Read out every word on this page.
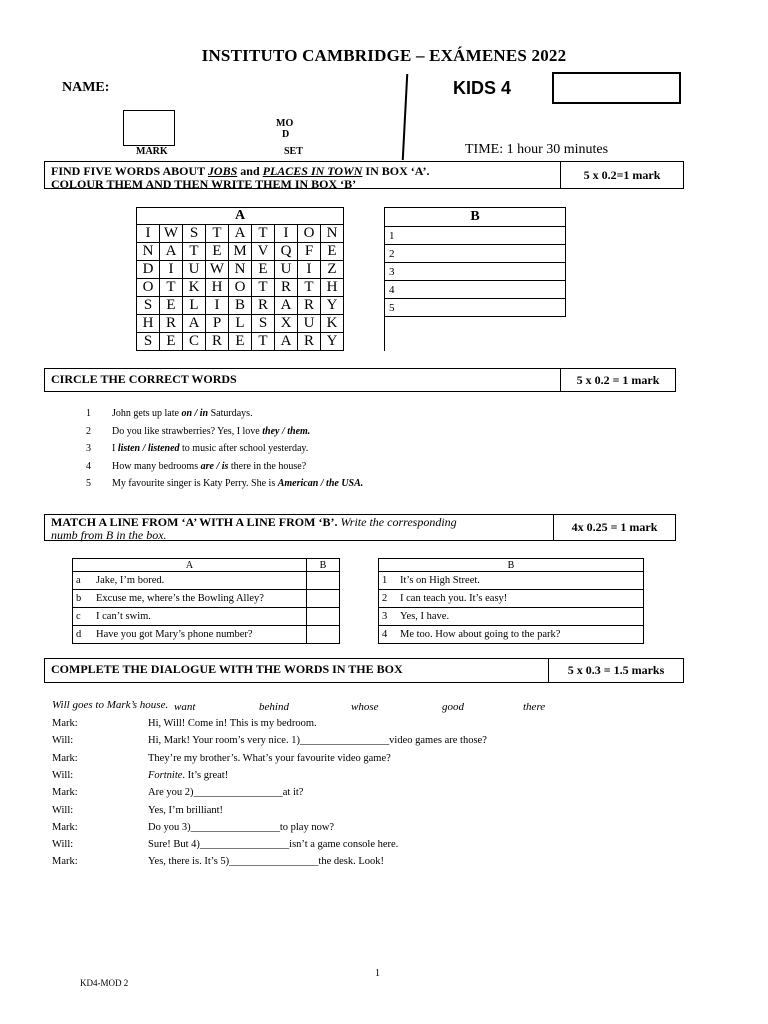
INSTITUTO CAMBRIDGE – EXÁMENES 2022
NAME:	KIDS 4
MARK
MO
D
SET	TIME: 1 hour 30 minutes
FIND FIVE WORDS ABOUT JOBS and PLACES IN TOWN IN BOX ‘A’.
COLOUR THEM AND THEN WRITE THEM IN BOX ‘B’
5 x 0.2=1 mark
A								
I	W	S	T	A	T	I	O	N
N	A	T	E	M	V	Q	F	E
D	I	U	W	N	E	U	I	Z
O	T	K	H	O	T	R	T	H
S	E	L	I	B	R	A	R	Y
H	R	A	P	L	S	X	U	K
S	E	C	R	E	T	A	R	Y
B
1
2
3
4
5

CIRCLE THE CORRECT WORDS	5 x 0.2 = 1 mark
1 John gets up late on / in Saturdays.
2 Do you like strawberries? Yes, I love they / them.
3 I listen / listened to music after school yesterday.
4 How many bedrooms are / is there in the house?
5 My favourite singer is Katy Perry. She is American / the USA.
MATCH A LINE FROM ‘A’ WITH A LINE FROM ‘B’. Write the corresponding
numb from B in the box.
4x 0.25 = 1 mark
A		B
a	Jake, I’m bored.	
b	Excuse me, where’s the Bowling Alley?	
c	I can’t swim.	
d	Have you got Mary’s phone number?	
B	
1	It’s on High Street.
2	I can teach you. It’s easy!
3	Yes, I have.
4	Me too. How about going to the park?
COMPLETE THE DIALOGUE WITH THE WORDS IN THE BOX	5 x 0.3 = 1.5 marks
Will goes to Mark’s house. want	behind	whose	good	there
Mark:	Hi, Will! Come in! This is my bedroom.
Will:	Hi, Mark! Your room’s very nice. 1)_________________video games are those?
Mark:	They’re my brother’s. What’s your favourite video game?
Will:	Fortnite. It’s great!
Mark:	Are you 2)_________________at it?
Will:	Yes, I’m brilliant!
Mark:	Do you 3)_________________to play now?
Will:	Sure! But 4)_________________isn’t a game console here.
Mark:	Yes, there is. It’s 5)_________________the desk. Look!
1
KD4-MOD 2
